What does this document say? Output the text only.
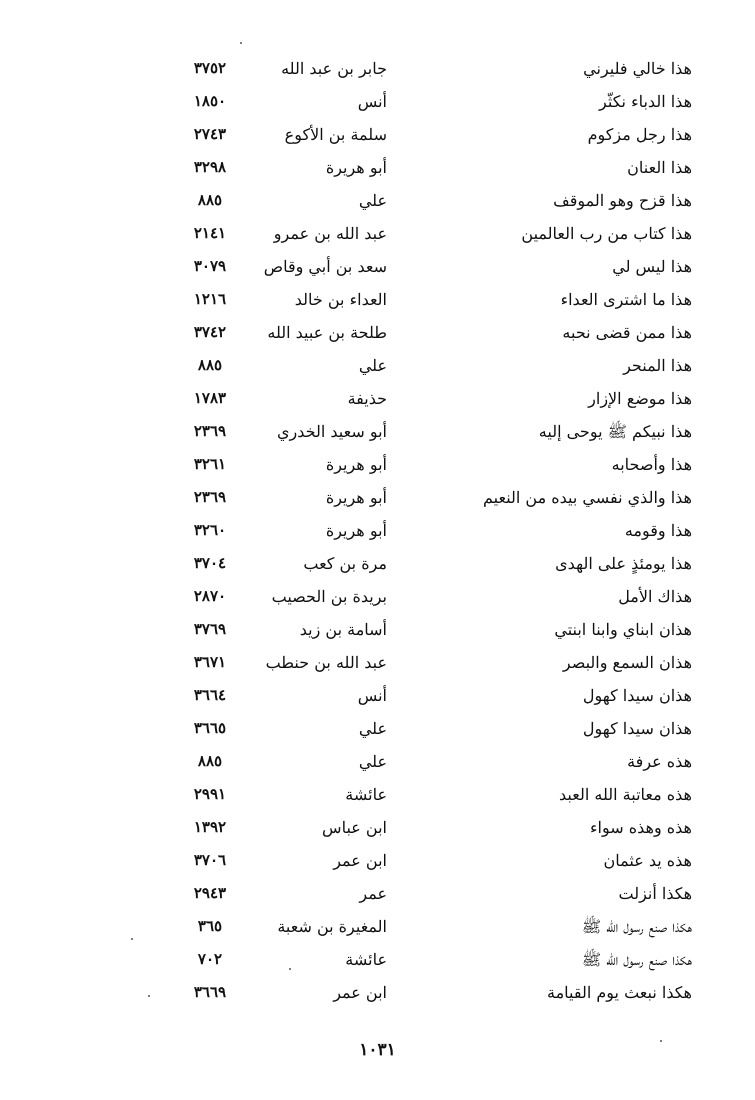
هذا خالي فليرني
جابر بن عبد الله
٣٧٥٢
هذا الدباء نكثّر
أنس
١٨٥٠
هذا رجل مزكوم
سلمة بن الأكوع
٢٧٤٣
هذا العنان
أبو هريرة
٣٢٩٨
هذا قزح وهو الموقف
علي
٨٨٥
هذا كتاب من رب العالمين
عبد الله بن عمرو
٢١٤١
هذا ليس لي
سعد بن أبي وقاص
٣٠٧٩
هذا ما اشترى العداء
العداء بن خالد
١٢١٦
هذا ممن قضى نحبه
طلحة بن عبيد الله
٣٧٤٢
هذا المنحر
علي
٨٨٥
هذا موضع الإزار
حذيفة
١٧٨٣
هذا نبيكم ﷺ يوحى إليه
أبو سعيد الخدري
٢٣٦٩
هذا وأصحابه
أبو هريرة
٣٢٦١
هذا والذي نفسي بيده من النعيم
أبو هريرة
٢٣٦٩
هذا وقومه
أبو هريرة
٣٢٦٠
هذا يومئذٍ على الهدى
مرة بن كعب
٣٧٠٤
هذاك الأمل
بريدة بن الحصيب
٢٨٧٠
هذان ابناي وابنا ابنتي
أسامة بن زيد
٣٧٦٩
هذان السمع والبصر
عبد الله بن حنطب
٣٦٧١
هذان سيدا كهول
أنس
٣٦٦٤
هذان سيدا كهول
علي
٣٦٦٥
هذه عرفة
علي
٨٨٥
هذه معاتبة الله العبد
عائشة
٢٩٩١
هذه وهذه سواء
ابن عباس
١٣٩٢
هذه يد عثمان
ابن عمر
٣٧٠٦
هكذا أنزلت
عمر
٢٩٤٣
هكذا صنع رسول الله ﷺ
المغيرة بن شعبة
٣٦٥
هكذا صنع رسول الله ﷺ
عائشة
٧٠٢
هكذا نبعث يوم القيامة
ابن عمر
٣٦٦٩
١٠٣١
